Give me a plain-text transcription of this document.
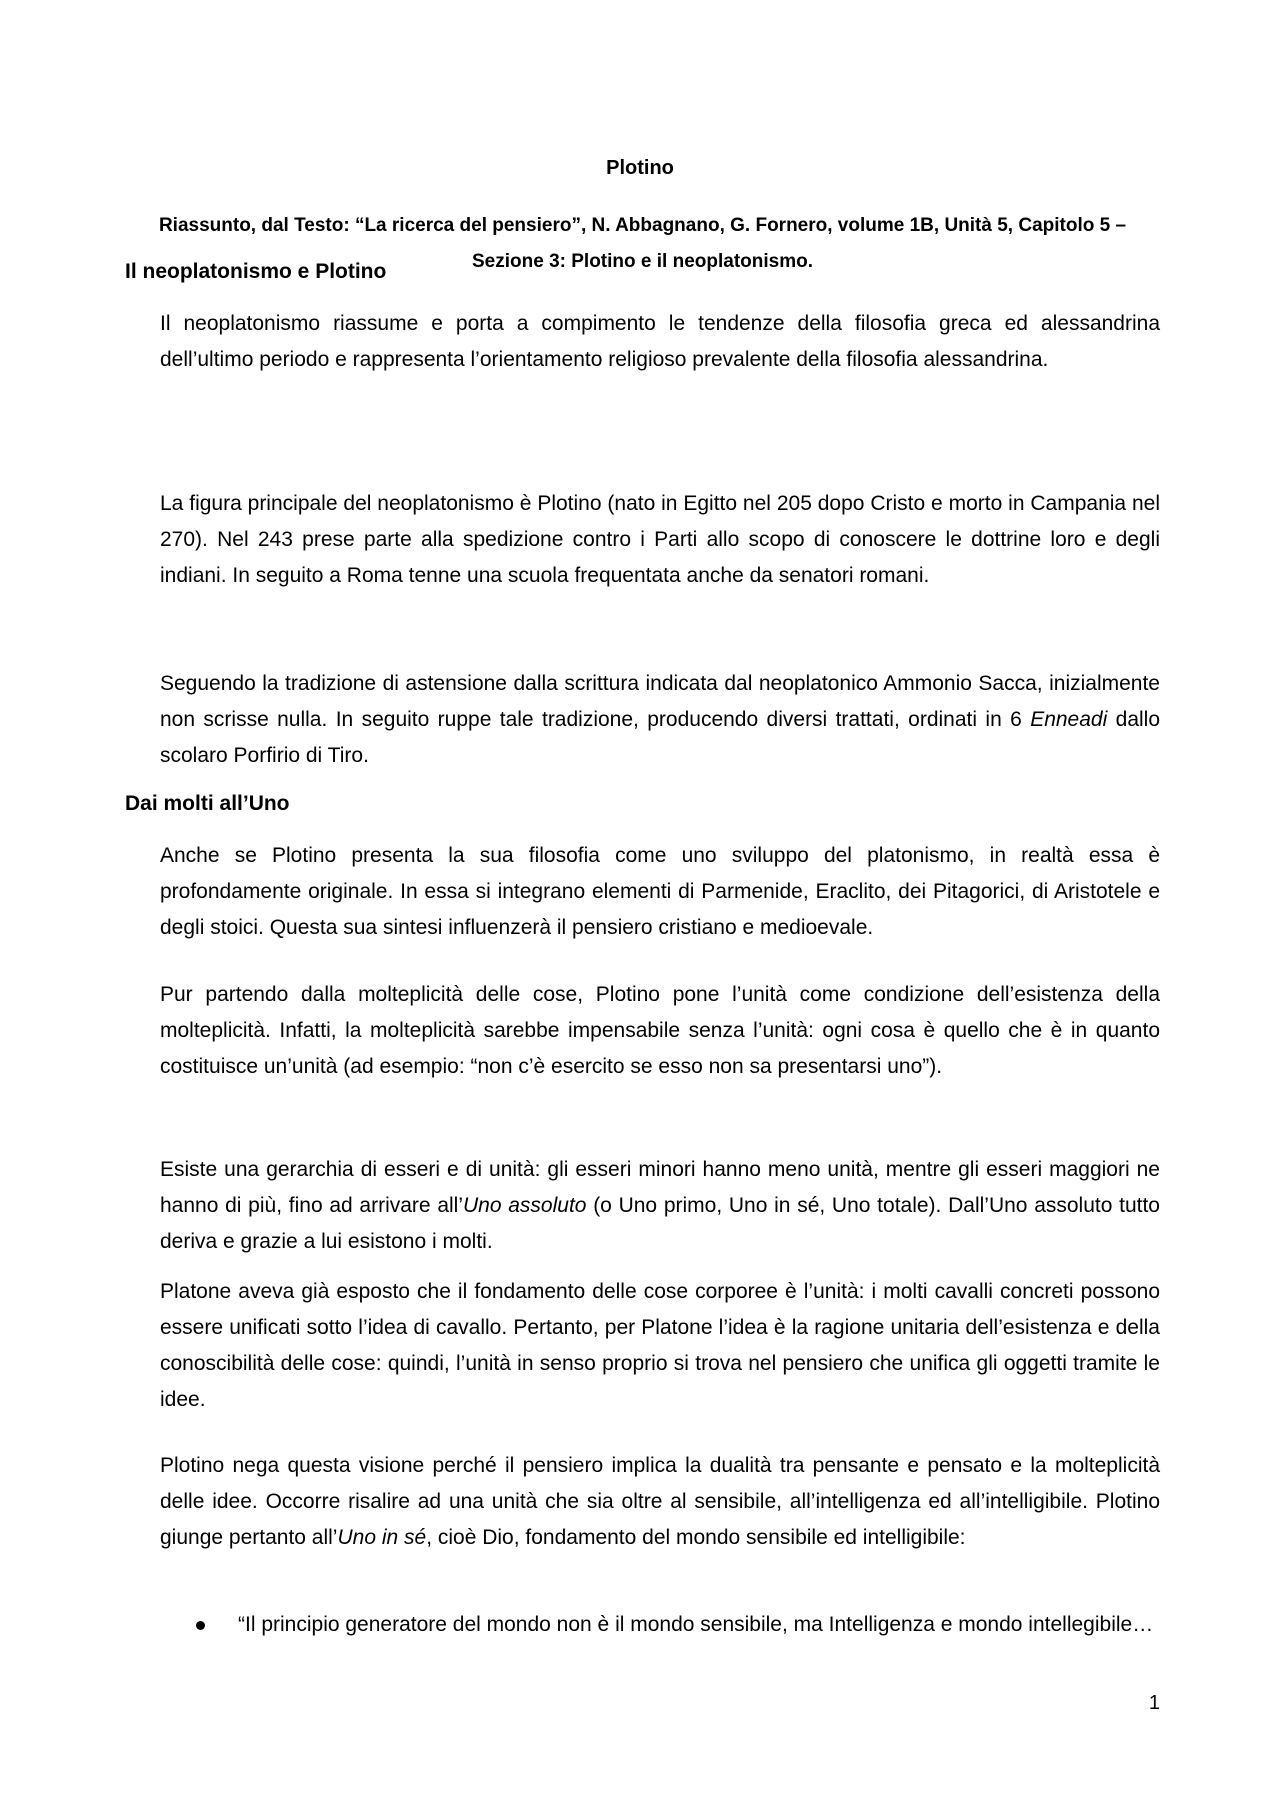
Plotino
Riassunto, dal Testo: “La ricerca del pensiero”, N. Abbagnano, G. Fornero, volume 1B, Unità 5, Capitolo 5 – Sezione 3: Plotino e il neoplatonismo.
Il neoplatonismo e Plotino

Il neoplatonismo riassume e porta a compimento le tendenze della filosofia greca ed alessandrina dell’ultimo periodo e rappresenta l’orientamento religioso prevalente della filosofia alessandrina.

La figura principale del neoplatonismo è Plotino (nato in Egitto nel 205 dopo Cristo e morto in Campania nel 270). Nel 243 prese parte alla spedizione contro i Parti allo scopo di conoscere le dottrine loro e degli indiani. In seguito a Roma tenne una scuola frequentata anche da senatori romani.

Seguendo la tradizione di astensione dalla scrittura indicata dal neoplatonico Ammonio Sacca, inizialmente non scrisse nulla. In seguito ruppe tale tradizione, producendo diversi trattati, ordinati in 6 Enneadi dallo scolaro Porfirio di Tiro.

Dai molti all’Uno

Anche se Plotino presenta la sua filosofia come uno sviluppo del platonismo, in realtà essa è profondamente originale. In essa si integrano elementi di Parmenide, Eraclito, dei Pitagorici, di Aristotele e degli stoici. Questa sua sintesi influenzerà il pensiero cristiano e medioevale.

Pur partendo dalla molteplicità delle cose, Plotino pone l’unità come condizione dell’esistenza della molteplicità. Infatti, la molteplicità sarebbe impensabile senza l’unità: ogni cosa è quello che è in quanto costituisce un’unità (ad esempio: “non c’è esercito se esso non sa presentarsi uno”).

Esiste una gerarchia di esseri e di unità: gli esseri minori hanno meno unità, mentre gli esseri maggiori ne hanno di più, fino ad arrivare all’Uno assoluto (o Uno primo, Uno in sé, Uno totale). Dall’Uno assoluto tutto deriva e grazie a lui esistono i molti.

Platone aveva già esposto che il fondamento delle cose corporee è l’unità: i molti cavalli concreti possono essere unificati sotto l’idea di cavallo. Pertanto, per Platone l’idea è la ragione unitaria dell’esistenza e della conoscibilità delle cose: quindi, l’unità in senso proprio si trova nel pensiero che unifica gli oggetti tramite le idee.

Plotino nega questa visione perché il pensiero implica la dualità tra pensante e pensato e la molteplicità delle idee. Occorre risalire ad una unità che sia oltre al sensibile, all’intelligenza ed all’intelligibile. Plotino giunge pertanto all’Uno in sé, cioè Dio, fondamento del mondo sensibile ed intelligibile:

“Il principio generatore del mondo non è il mondo sensibile, ma Intelligenza e mondo intellegibile…

1
